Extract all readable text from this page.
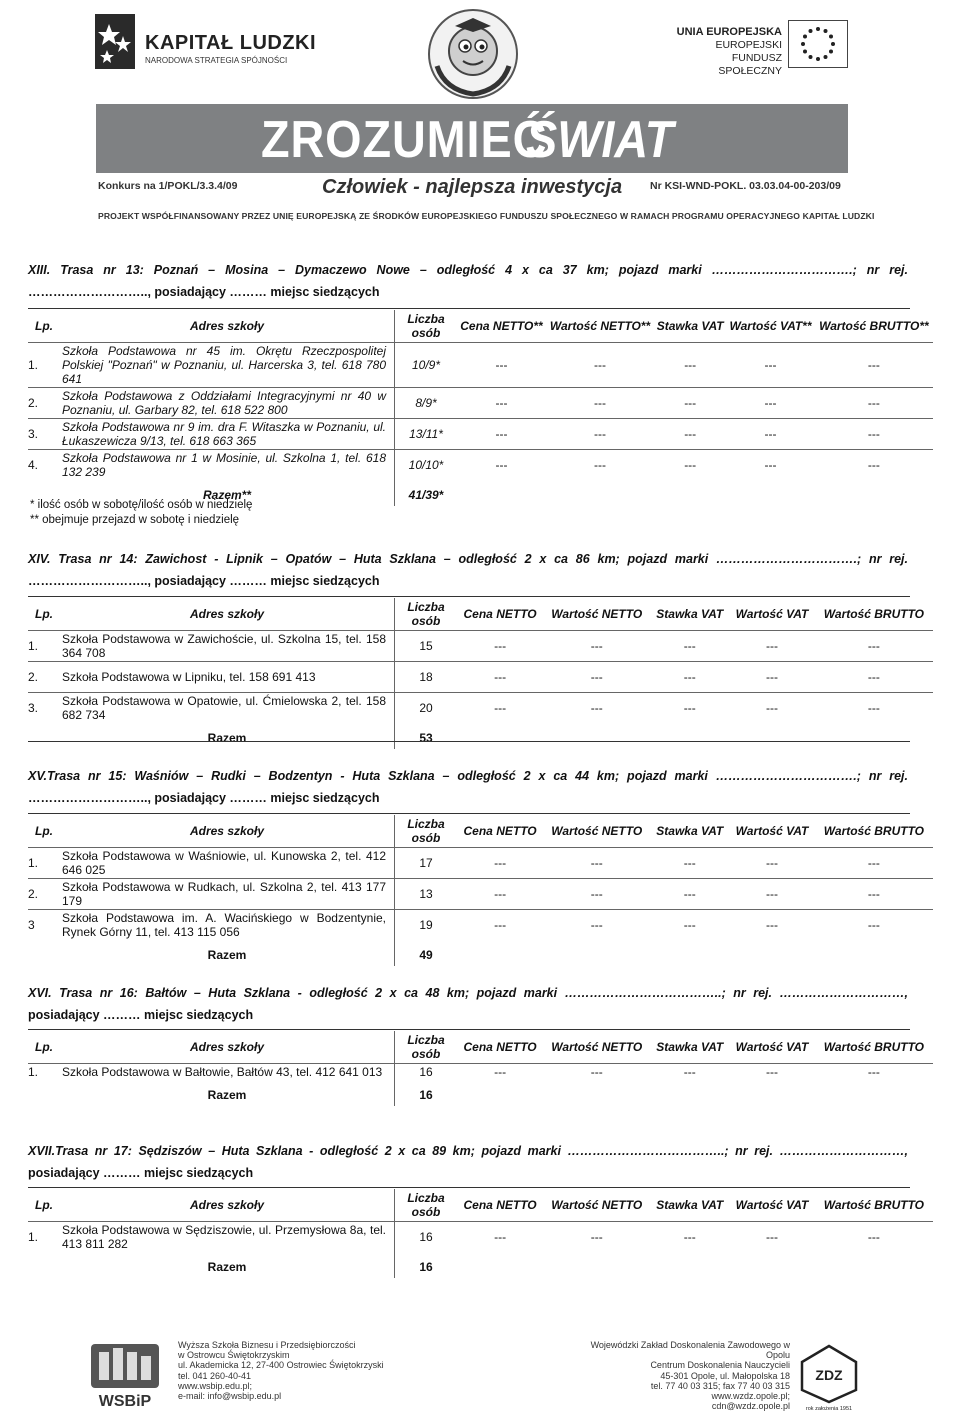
KAPITAŁ LUDZKI
NARODOWA STRATEGIA SPÓJNOŚCI
UNIA EUROPEJSKA
EUROPEJSKI
FUNDUSZ SPOŁECZNY
ZROZUMIEĆ
ŚWIAT
Konkurs na 1/POKL/3.3.4/09	Człowiek - najlepsza inwestycja	Nr KSI-WND-POKL. 03.03.04-00-203/09
PROJEKT WSPÓŁFINANSOWANY PRZEZ UNIĘ EUROPEJSKĄ ZE ŚRODKÓW EUROPEJSKIEGO FUNDUSZU SPOŁECZNEGO W RAMACH PROGRAMU OPERACYJNEGO KAPITAŁ LUDZKI
XIII. Trasa nr 13: Poznań – Mosina – Dymaczewo Nowe – odległość 4 x ca 37 km; pojazd marki …………………………….; nr rej.
……………………….., posiadający ……… miejsc siedzących
Lp.	Adres szkoły	Liczba osób	Cena NETTO**	Wartość NETTO**	Stawka VAT	Wartość VAT**	Wartość BRUTTO**
1.	Szkoła Podstawowa nr 45 im. Okrętu Rzeczpospolitej Polskiej "Poznań" w Poznaniu, ul. Harcerska 3, tel. 618 780 641	10/9*	---	---	---	---	---
2.	Szkoła Podstawowa z Oddziałami Integracyjnymi nr 40 w Poznaniu, ul. Garbary 82, tel. 618 522 800	8/9*	---	---	---	---	---
3.	Szkoła Podstawowa nr 9 im. dra F. Witaszka w Poznaniu, ul. Łukaszewicza 9/13, tel. 618 663 365	13/11*	---	---	---	---	---
4.	Szkoła Podstawowa nr 1 w Mosinie, ul. Szkolna 1, tel. 618 132 239	10/10*	---	---	---	---	---
	Razem**	41/39*					
* ilość osób w sobotę/ilość osób w niedzielę
** obejmuje przejazd w sobotę i niedzielę
XIV. Trasa nr 14: Zawichost - Lipnik – Opatów – Huta Szklana – odległość 2 x ca 86 km; pojazd marki …………………………….; nr rej.
……………………….., posiadający ……… miejsc siedzących
Lp.	Adres szkoły	Liczba osób	Cena NETTO	Wartość NETTO	Stawka VAT	Wartość VAT	Wartość BRUTTO
1.	Szkoła Podstawowa w Zawichoście, ul. Szkolna 15, tel. 158 364 708	15	---	---	---	---	---
2.	Szkoła Podstawowa w Lipniku, tel. 158 691 413	18	---	---	---	---	---
3.	Szkoła Podstawowa w Opatowie, ul. Ćmielowska 2, tel. 158 682 734	20	---	---	---	---	---
	Razem	53					
XV.Trasa nr 15: Waśniów – Rudki – Bodzentyn - Huta Szklana – odległość 2 x ca 44 km; pojazd marki …………………………….; nr rej.
……………………….., posiadający ……… miejsc siedzących
Lp.	Adres szkoły	Liczba osób	Cena NETTO	Wartość NETTO	Stawka VAT	Wartość VAT	Wartość BRUTTO
1.	Szkoła Podstawowa w Waśniowie, ul. Kunowska 2, tel. 412 646 025	17	---	---	---	---	---
2.	Szkoła Podstawowa w Rudkach, ul. Szkolna 2, tel. 413 177 179	13	---	---	---	---	---
3	Szkoła Podstawowa im. A. Wacińskiego w Bodzentynie, Rynek Górny 11, tel. 413 115 056	19	---	---	---	---	---
	Razem	49					
XVI. Trasa nr 16: Bałtów – Huta Szklana - odległość 2 x ca 48 km; pojazd marki ………………………………..; nr rej. …………………………,
posiadający ……… miejsc siedzących
Lp.	Adres szkoły	Liczba osób	Cena NETTO	Wartość NETTO	Stawka VAT	Wartość VAT	Wartość BRUTTO
1.	Szkoła Podstawowa w Bałtowie, Bałtów 43, tel. 412 641 013	16	---	---	---	---	---
	Razem	16					
XVII.Trasa nr 17: Sędziszów – Huta Szklana - odległość 2 x ca 89 km; pojazd marki ………………………………..; nr rej. …………………………,
posiadający ……… miejsc siedzących
Lp.	Adres szkoły	Liczba osób	Cena NETTO	Wartość NETTO	Stawka VAT	Wartość VAT	Wartość BRUTTO
1.	Szkoła Podstawowa w Sędziszowie, ul. Przemysłowa 8a, tel. 413 811 282	16	---	---	---	---	---
	Razem	16					
WSBiP
Wyższa Szkoła Biznesu i Przedsiębiorczości
w Ostrowcu Świętokrzyskim
ul. Akademicka 12, 27-400 Ostrowiec Świętokrzyski
tel. 041 260-40-41
www.wsbip.edu.pl;
e-mail: info@wsbip.edu.pl
Wojewódzki Zakład Doskonalenia Zawodowego w Opolu
Centrum Doskonalenia Nauczycieli
45-301 Opole, ul. Małopolska 18
tel. 77 40 03 315; fax 77 40 03 315
www.wzdz.opole.pl;
cdn@wzdz.opole.pl
ZDZ
rok założenia 1951
